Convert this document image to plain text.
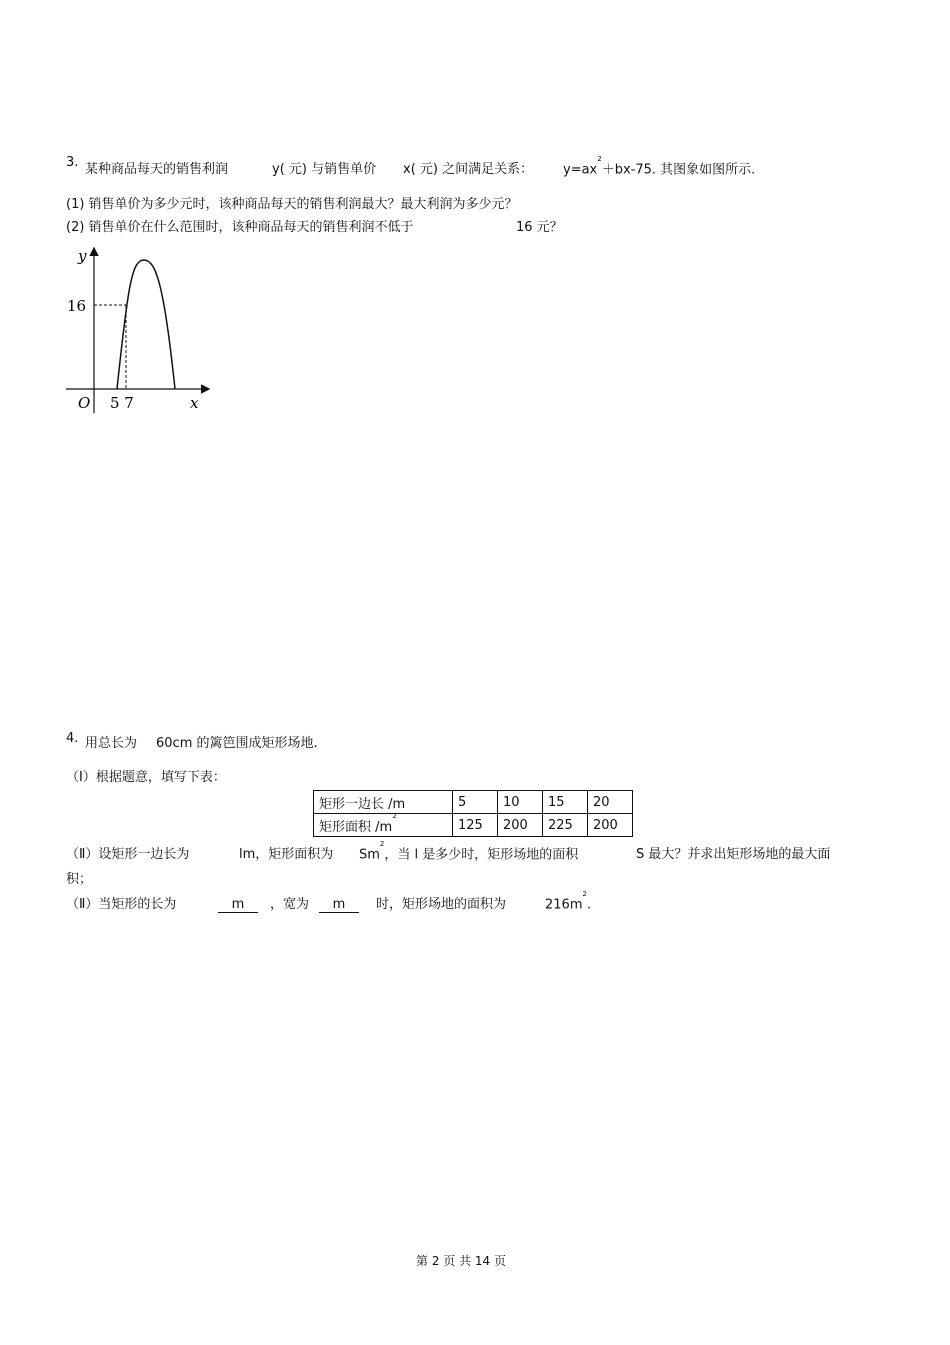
3. 某种商品每天的销售利润	y( 元) 与销售单价 x( 元) 之间满足关系： $y=ax^2+bx-75$. 其图象如图所示.
(1) 销售单价为多少元时，该种商品每天的销售利润最大？最大利润为多少元？
(2) 销售单价在什么范围时，该种商品每天的销售利润不低于	16 元？
y
16
O 5 7	x
4. 用总长为 60cm 的篱笆围成矩形场地.
（Ⅰ）根据题意，填写下表：
矩形一边长 /m	5	10	15	20
矩形面积 $/m^2$	125	200	225	200
（Ⅱ）设矩形一边长为	lm，矩形面积为 Sm$^2$，当 l 是多少时，矩形场地的面积	S 最大？并求出矩形场地的最大面
积；
（Ⅱ）当矩形的长为	m	，宽为	m	时，矩形场地的面积为	$216m^2$.
第 2 页 共 14 页
